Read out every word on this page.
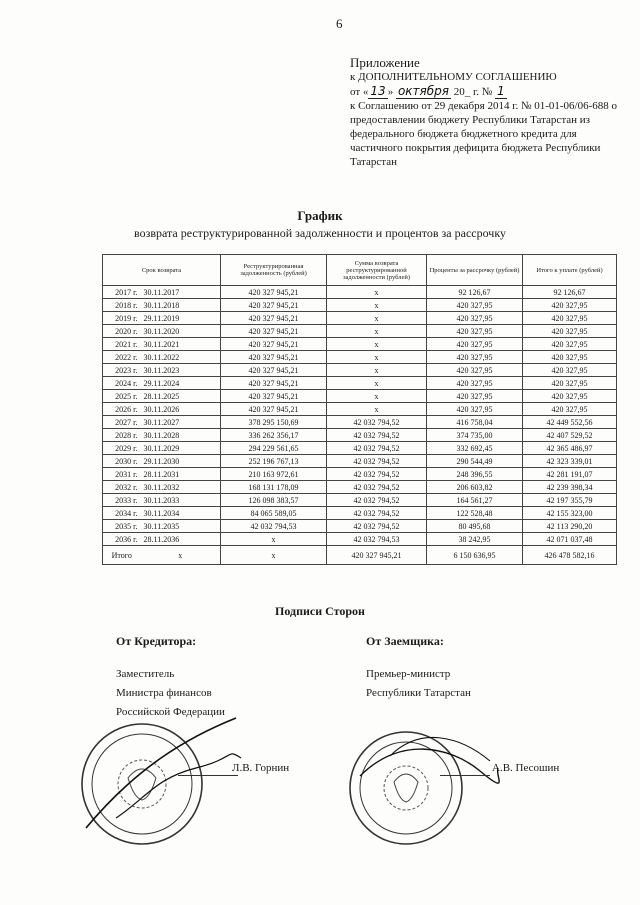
6
Приложение
к ДОПОЛНИТЕЛЬНОМУ СОГЛАШЕНИЮ
от « 13 » октября 20_ г. № 1
к Соглашению от 29 декабря 2014 г. № 01-01-06/06-688 о предоставлении бюджету Республики Татарстан из федерального бюджета бюджетного кредита для частичного покрытия дефицита бюджета Республики Татарстан
График
возврата реструктурированной задолженности и процентов за рассрочку
Срок возврата		Реструктурированная задолженность (рублей)	Сумма возврата реструктурированной задолженности (рублей)	Проценты за рассрочку (рублей)	Итого к уплате (рублей)
2017 г.	30.11.2017	420 327 945,21	x	92 126,67	92 126,67
2018 г.	30.11.2018	420 327 945,21	x	420 327,95	420 327,95
2019 г.	29.11.2019	420 327 945,21	x	420 327,95	420 327,95
2020 г.	30.11.2020	420 327 945,21	x	420 327,95	420 327,95
2021 г.	30.11.2021	420 327 945,21	x	420 327,95	420 327,95
2022 г.	30.11.2022	420 327 945,21	x	420 327,95	420 327,95
2023 г.	30.11.2023	420 327 945,21	x	420 327,95	420 327,95
2024 г.	29.11.2024	420 327 945,21	x	420 327,95	420 327,95
2025 г.	28.11.2025	420 327 945,21	x	420 327,95	420 327,95
2026 г.	30.11.2026	420 327 945,21	x	420 327,95	420 327,95
2027 г.	30.11.2027	378 295 150,69	42 032 794,52	416 758,04	42 449 552,56
2028 г.	30.11.2028	336 262 356,17	42 032 794,52	374 735,00	42 407 529,52
2029 г.	30.11.2029	294 229 561,65	42 032 794,52	332 692,45	42 365 486,97
2030 г.	29.11.2030	252 196 767,13	42 032 794,52	290 544,49	42 323 339,01
2031 г.	28.11.2031	210 163 972,61	42 032 794,52	248 396,55	42 281 191,07
2032 г.	30.11.2032	168 131 178,09	42 032 794,52	206 603,82	42 239 398,34
2033 г.	30.11.2033	126 098 383,57	42 032 794,52	164 561,27	42 197 355,79
2034 г.	30.11.2034	84 065 589,05	42 032 794,52	122 528,48	42 155 323,00
2035 г.	30.11.2035	42 032 794,53	42 032 794,52	80 495,68	42 113 290,20
2036 г.	28.11.2036	x	42 032 794,53	38 242,95	42 071 037,48
Итого	x	x	420 327 945,21	6 150 636,95	426 478 582,16
Подписи Сторон
От Кредитора:	От Заемщика:
Заместитель
Министра финансов
Российской Федерации
Премьер-министр
Республики Татарстан
Л.В. Горнин	А.В. Песошин
